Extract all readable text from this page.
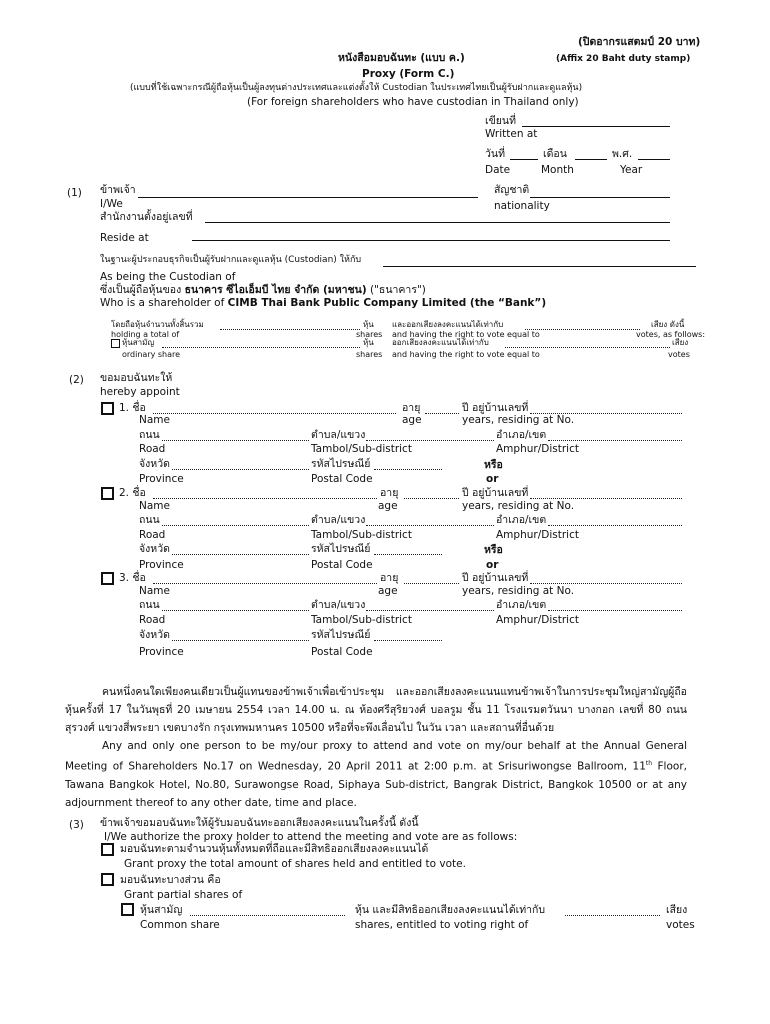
(ปิดอากรแสตมป์ 20 บาท)
(Affix 20 Baht duty stamp)
หนังสือมอบฉันทะ (แบบ ค.)
Proxy (Form C.)
(แบบที่ใช้เฉพาะกรณีผู้ถือหุ้นเป็นผู้ลงทุนต่างประเทศและแต่งตั้งให้ Custodian ในประเทศไทยเป็นผู้รับฝากและดูแลหุ้น)
(For foreign shareholders who have custodian in Thailand only)
เขียนที่
Written at
วันที่	เดือน	พ.ศ.
Date	Month	Year
(1) ข้าพเจ้า
I/We
สัญชาติ
nationality
สำนักงานตั้งอยู่เลขที่
Reside at
ในฐานะผู้ประกอบธุรกิจเป็นผู้รับฝากและดูแลหุ้น (Custodian) ให้กับ
As being the Custodian of
ซึ่งเป็นผู้ถือหุ้นของ ธนาคาร ซีไอเอ็มบี ไทย จำกัด (มหาชน) ("ธนาคาร")
Who is a shareholder of CIMB Thai Bank Public Company Limited (the “Bank”)
โดยถือหุ้นจำนวนทั้งสิ้นรวม
holding a total of
หุ้น
shares
และออกเสียงลงคะแนนได้เท่ากับ
and having the right to vote equal to
เสียง ดังนี้
votes, as follows:
หุ้นสามัญ
ordinary share
หุ้น
shares
ออกเสียงลงคะแนนได้เท่ากับ
and having the right to vote equal to
เสียง
votes
(2) ขอมอบฉันทะให้
hereby appoint
1. ชื่อ	อายุ	ปี อยู่บ้านเลขที่
Name	age	years, residing at No.
ถนน	ตำบล/แขวง	อำเภอ/เขต
Road	Tambol/Sub-district	Amphur/District
จังหวัด	รหัสไปรษณีย์	หรือ
Province	Postal Code	or
2. ชื่อ	อายุ	ปี อยู่บ้านเลขที่
Name	age	years, residing at No.
ถนน	ตำบล/แขวง	อำเภอ/เขต
Road	Tambol/Sub-district	Amphur/District
จังหวัด	รหัสไปรษณีย์	หรือ
Province	Postal Code	or
3. ชื่อ	อายุ	ปี อยู่บ้านเลขที่
Name	age	years, residing at No.
ถนน	ตำบล/แขวง	อำเภอ/เขต
Road	Tambol/Sub-district	Amphur/District
จังหวัด	รหัสไปรษณีย์
Province	Postal Code
คนหนึ่งคนใดเพียงคนเดียวเป็นผู้แทนของข้าพเจ้าเพื่อเข้าประชุม และออกเสียงลงคะแนนแทนข้าพเจ้าในการประชุมใหญ่สามัญผู้ถือหุ้นครั้งที่ 17 ในวันพุธที่ 20 เมษายน 2554 เวลา 14.00 น. ณ ห้องศรีสุริยวงศ์ บอลรูม ชั้น 11 โรงแรมตวันนา บางกอก เลขที่ 80 ถนนสุรวงศ์ แขวงสี่พระยา เขตบางรัก กรุงเทพมหานคร 10500 หรือที่จะพึงเลื่อนไป ในวัน เวลา และสถานที่อื่นด้วย
Any and only one person to be my/our proxy to attend and vote on my/our behalf at the Annual General Meeting of Shareholders No.17 on Wednesday, 20 April 2011 at 2:00 p.m. at Srisuriwongse Ballroom, 11th Floor, Tawana Bangkok Hotel, No.80, Surawongse Road, Siphaya Sub-district, Bangrak District, Bangkok 10500 or at any adjournment thereof to any other date, time and place.
(3) ข้าพเจ้าขอมอบฉันทะให้ผู้รับมอบฉันทะออกเสียงลงคะแนนในครั้งนี้ ดังนี้
I/We authorize the proxy holder to attend the meeting and vote are as follows:
มอบฉันทะตามจำนวนหุ้นทั้งหมดที่ถือและมีสิทธิออกเสียงลงคะแนนได้
Grant proxy the total amount of shares held and entitled to vote.
มอบฉันทะบางส่วน คือ
Grant partial shares of
หุ้นสามัญ
Common share
หุ้น และมีสิทธิออกเสียงลงคะแนนได้เท่ากับ
shares, entitled to voting right of
เสียง
votes
